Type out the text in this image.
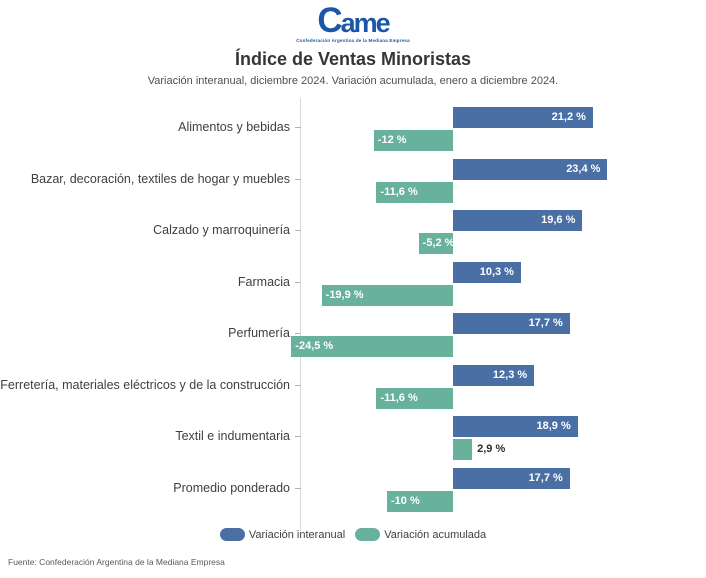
C ame
Confederación Argentina de la Mediana Empresa
Índice de Ventas Minoristas
Variación interanual, diciembre 2024. Variación acumulada, enero a diciembre 2024.
Alimentos y bebidas
21,2 %
-12 %
Bazar, decoración, textiles de hogar y muebles
23,4 %
-11,6 %
Calzado y marroquinería
19,6 %
-5,2 %
Farmacia
10,3 %
-19,9 %
Perfumería
17,7 %
-24,5 %
Ferretería, materiales eléctricos y de la construcción
12,3 %
-11,6 %
Textil e indumentaria
18,9 %
2,9 %
Promedio ponderado
17,7 %
-10 %
Variación interanual	Variación acumulada
Fuente: Confederación Argentina de la Mediana Empresa
